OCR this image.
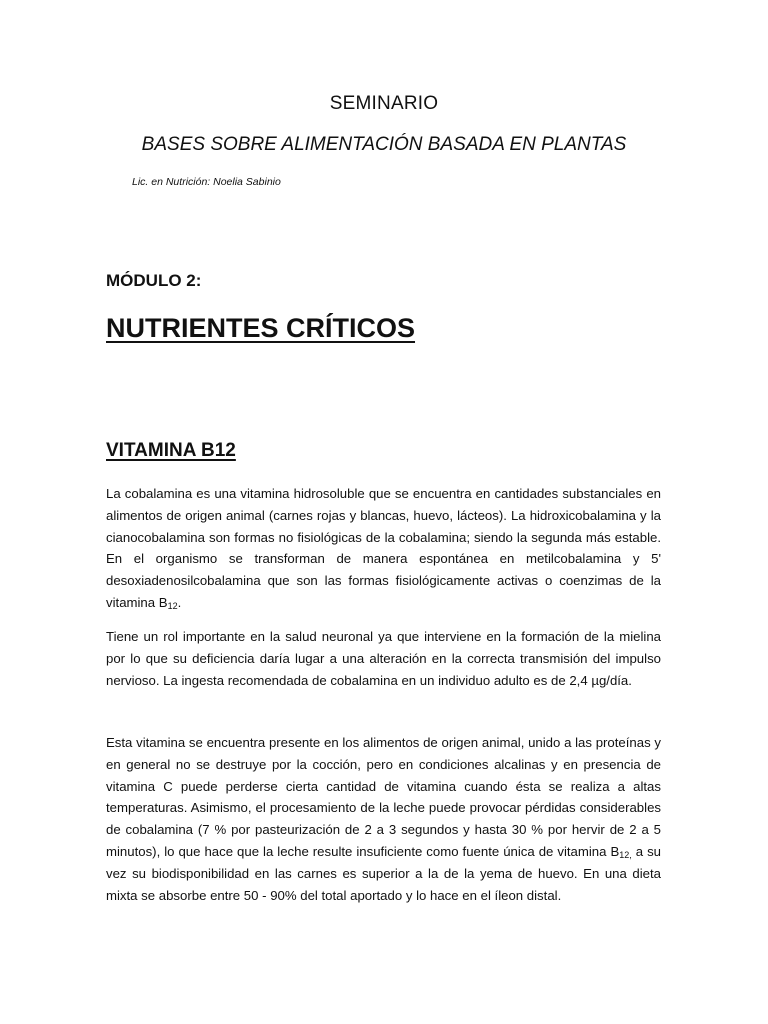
SEMINARIO
BASES SOBRE ALIMENTACIÓN BASADA EN PLANTAS
Lic. en Nutrición: Noelia Sabinio
MÓDULO 2:
NUTRIENTES CRÍTICOS
VITAMINA B12

La cobalamina es una vitamina hidrosoluble que se encuentra en cantidades substanciales en alimentos de origen animal (carnes rojas y blancas, huevo, lácteos). La hidroxicobalamina y la cianocobalamina son formas no fisiológicas de la cobalamina; siendo la segunda más estable. En el organismo se transforman de manera espontánea en metilcobalamina y 5' desoxiadenosilcobalamina que son las formas fisiológicamente activas o coenzimas de la vitamina $B_{12}$.

Tiene un rol importante en la salud neuronal ya que interviene en la formación de la mielina por lo que su deficiencia daría lugar a una alteración en la correcta transmisión del impulso nervioso. La ingesta recomendada de cobalamina en un individuo adulto es de 2,4 µg/día.

Esta vitamina se encuentra presente en los alimentos de origen animal, unido a las proteínas y en general no se destruye por la cocción, pero en condiciones alcalinas y en presencia de vitamina C puede perderse cierta cantidad de vitamina cuando ésta se realiza a altas temperaturas. Asimismo, el procesamiento de la leche puede provocar pérdidas considerables de cobalamina (7 % por pasteurización de 2 a 3 segundos y hasta 30 % por hervir de 2 a 5 minutos), lo que hace que la leche resulte insuficiente como fuente única de vitamina $B_{12,}$ a su vez su biodisponibilidad en las carnes es superior a la de la yema de huevo. En una dieta mixta se absorbe entre 50 - 90% del total aportado y lo hace en el íleon distal.
